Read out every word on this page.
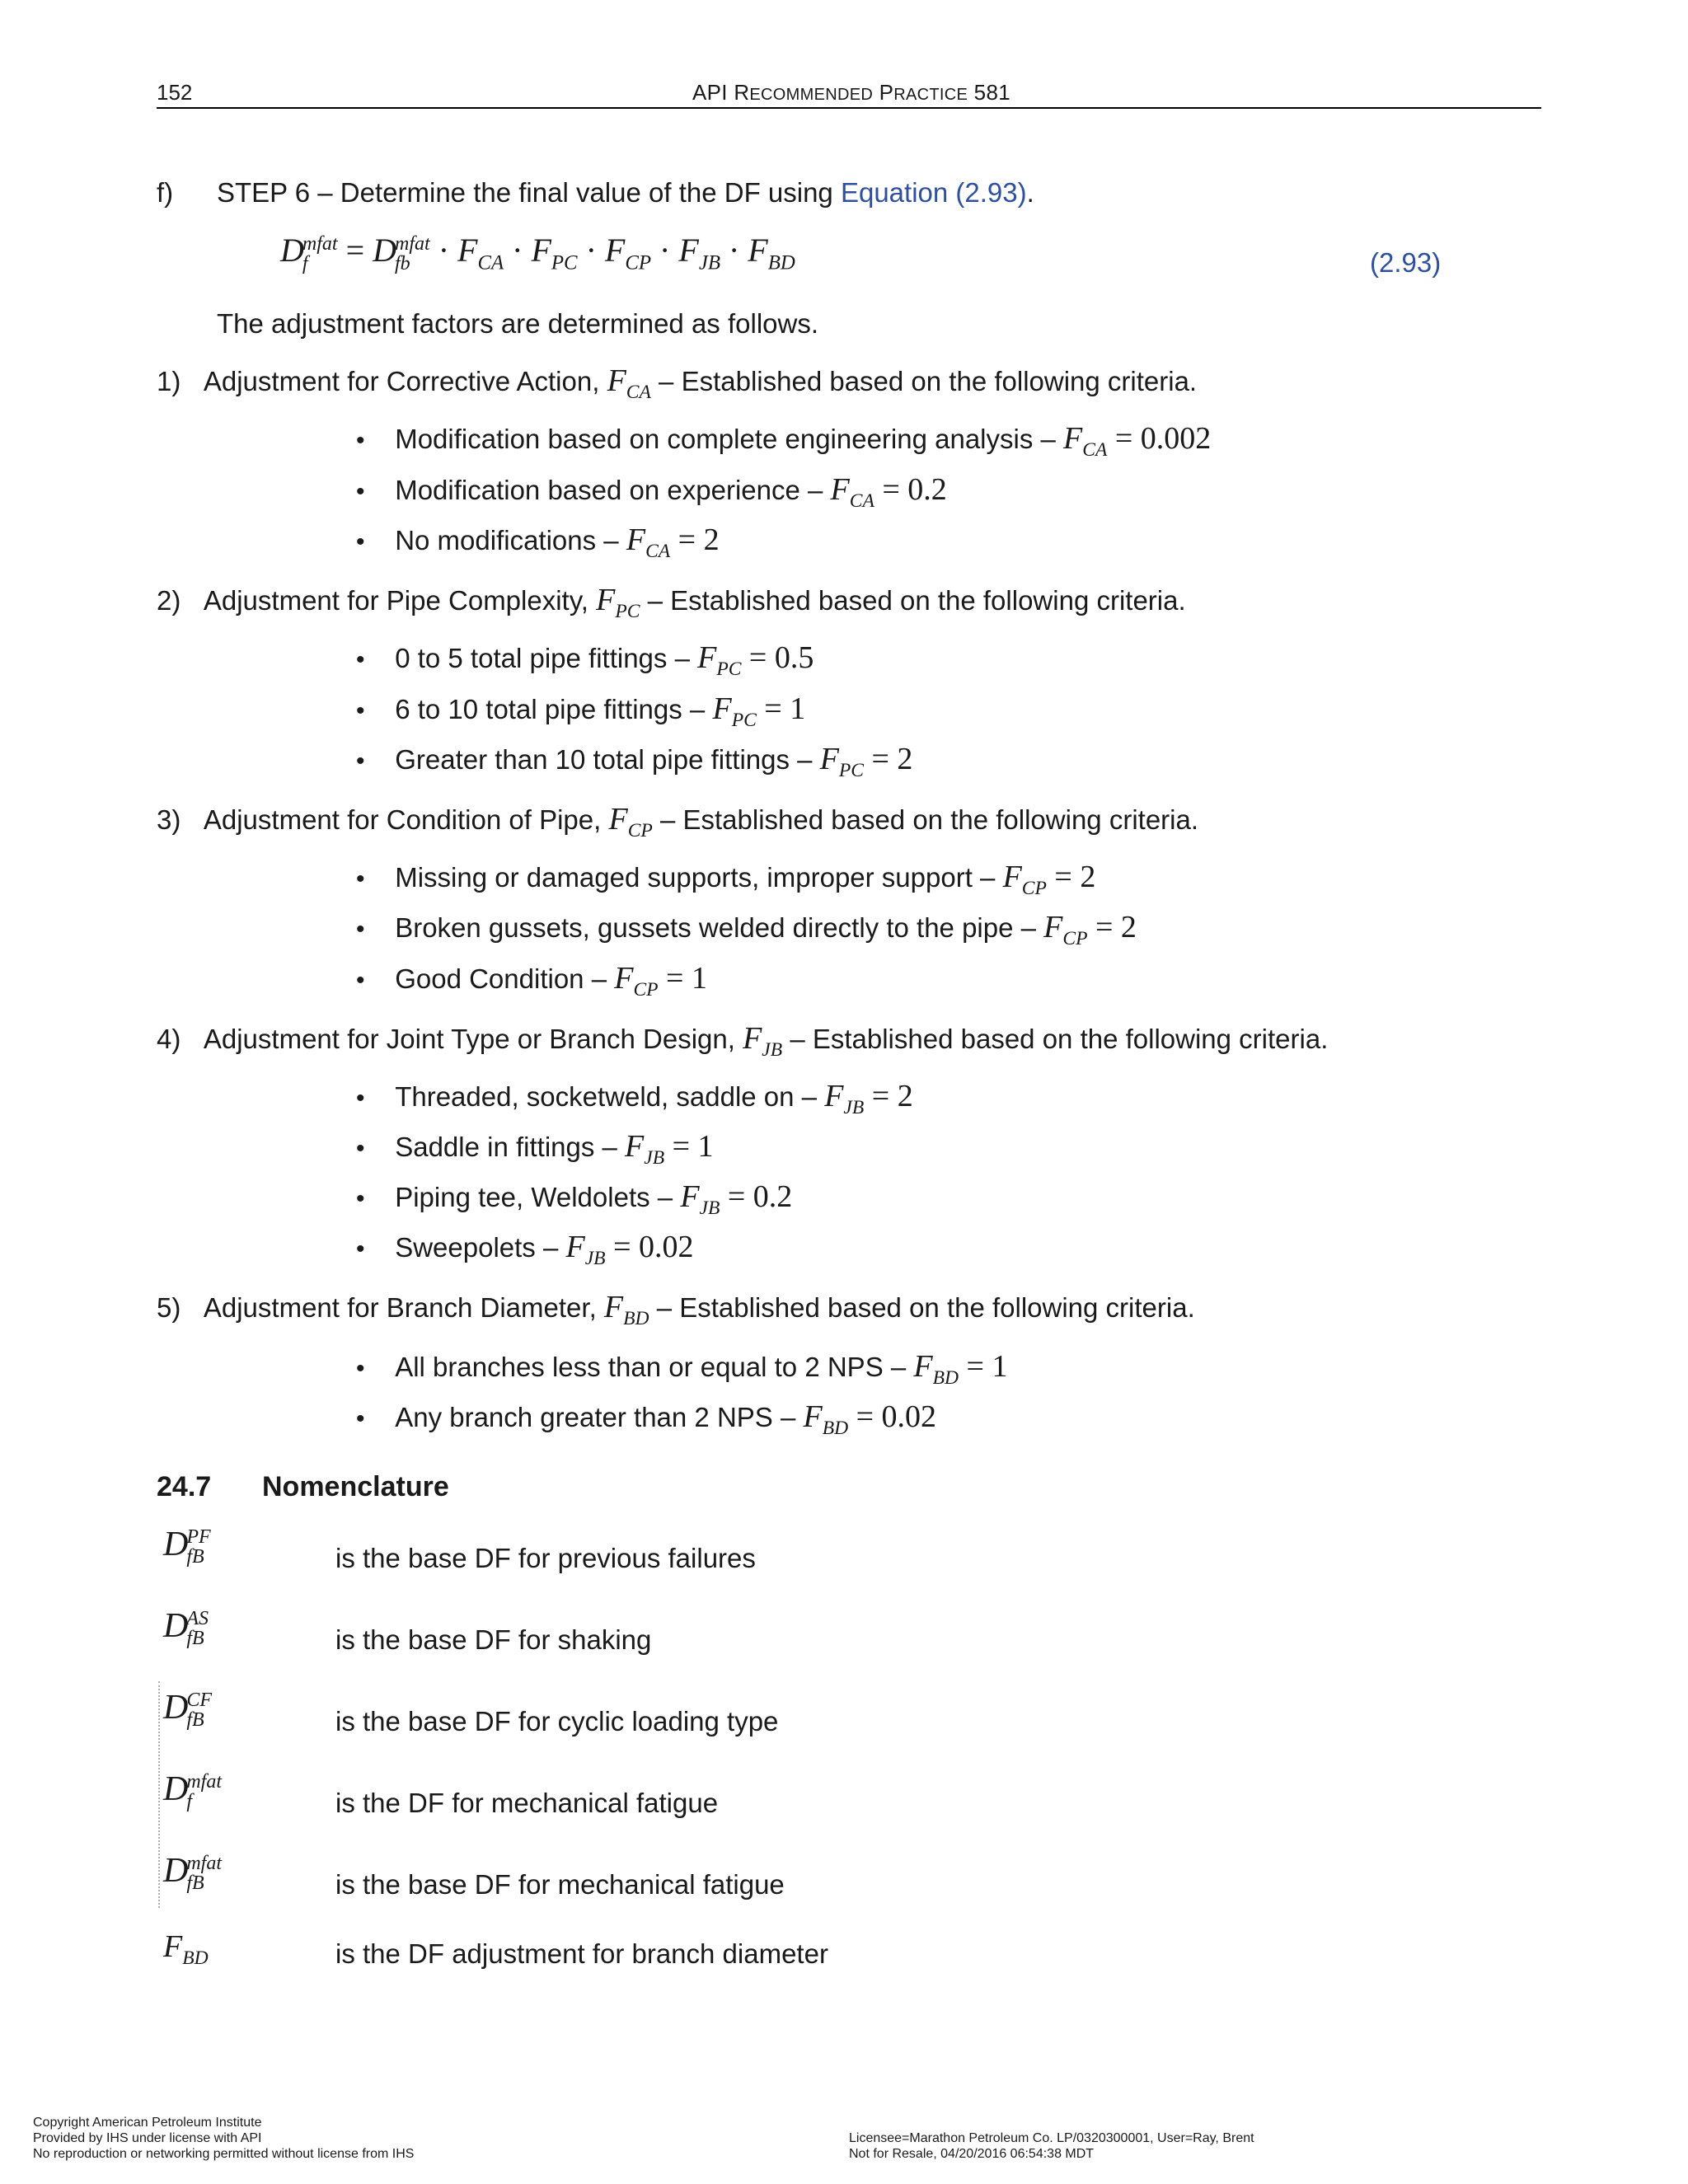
152	API RECOMMENDED PRACTICE 581
f) STEP 6 – Determine the final value of the DF using Equation (2.93).
Dmfat
f = Dmfat
fb · $F_{CA} \cdot F_{PC} \cdot F_{CP} \cdot F_{JB} \cdot F_{BD}$	(2.93)
The adjustment factors are determined as follows.
1) Adjustment for Corrective Action, $F_{CA}$ – Established based on the following criteria.
• Modification based on complete engineering analysis – $F_{CA} = 0.002$
• Modification based on experience – $F_{CA} = 0.2$
• No modifications – $F_{CA} = 2$
2) Adjustment for Pipe Complexity, $F_{PC}$ – Established based on the following criteria.
• 0 to 5 total pipe fittings – $F_{PC} = 0.5$
• 6 to 10 total pipe fittings – $F_{PC} = 1$
• Greater than 10 total pipe fittings – $F_{PC} = 2$
3) Adjustment for Condition of Pipe, $F_{CP}$ – Established based on the following criteria.
• Missing or damaged supports, improper support – $F_{CP} = 2$
• Broken gussets, gussets welded directly to the pipe – $F_{CP} = 2$
• Good Condition – $F_{CP} = 1$
4) Adjustment for Joint Type or Branch Design, $F_{JB}$ – Established based on the following criteria.
• Threaded, socketweld, saddle on – $F_{JB} = 2$
• Saddle in fittings – $F_{JB} = 1$
• Piping tee, Weldolets – $F_{JB} = 0.2$
• Sweepolets – $F_{JB} = 0.02$
5) Adjustment for Branch Diameter, $F_{BD}$ – Established based on the following criteria.
• All branches less than or equal to 2 NPS – $F_{BD} = 1$
• Any branch greater than 2 NPS – $F_{BD} = 0.02$
24.7 Nomenclature
DPF
fB	is the base DF for previous failures
DAS
fB	is the base DF for shaking
DCF
fB	is the base DF for cyclic loading type
Dmfat
f	is the DF for mechanical fatigue
Dmfat
fB	is the base DF for mechanical fatigue
$F_{BD}$	is the DF adjustment for branch diameter
Copyright American Petroleum Institute
Provided by IHS under license with API
No reproduction or networking permitted without license from IHS
Licensee=Marathon Petroleum Co. LP/0320300001, User=Ray, Brent
Not for Resale, 04/20/2016 06:54:38 MDT
